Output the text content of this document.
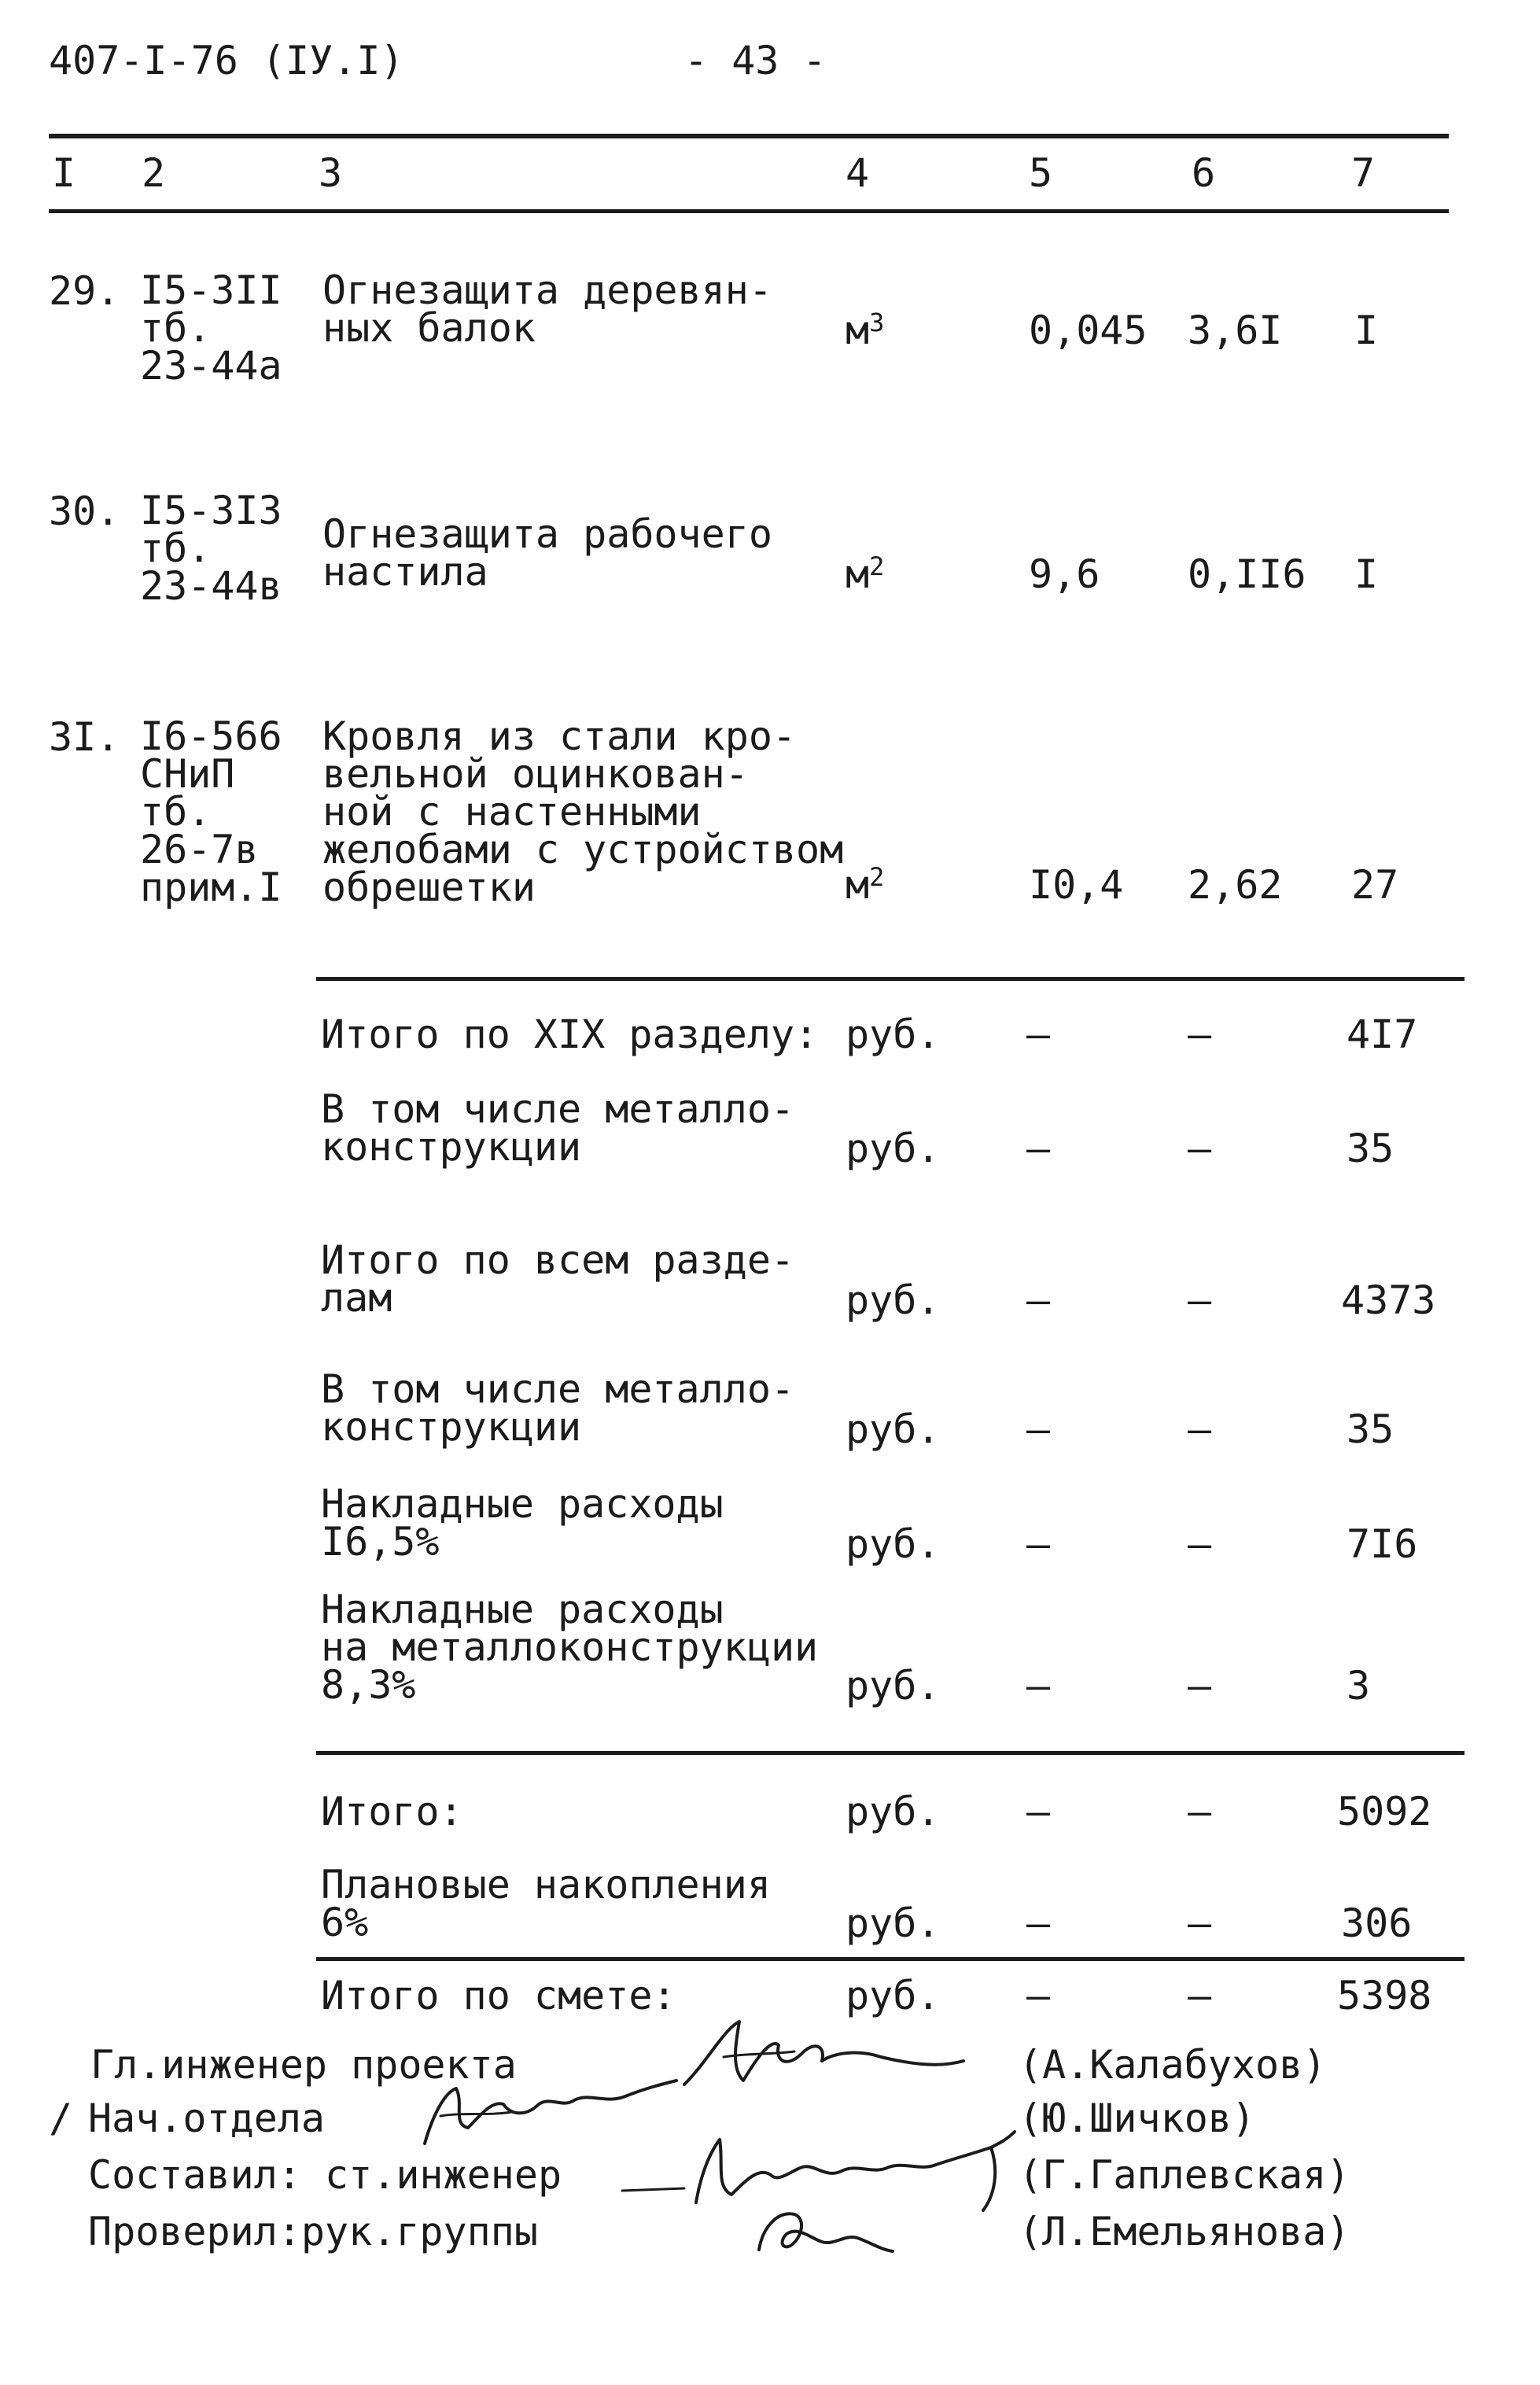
407-I-76 (IУ.I)	- 43 -
I 2	3	4	5	6	7
29. I5-3II
тб.
23-44а
Огнезащита деревян-
ных балок	$м^3$	0,045 3,6I I
30. I5-3I3
тб.
23-44в
Огнезащита рабочего
настила	$м^2$	9,6 0,II6 I
3I. I6-566
СНиП
тб.
26-7в
прим.I
Кровля из стали кро-
вельной оцинкован-
ной с настенными
желобами с устройством
обрешетки	$м^2$	I0,4 2,62 27
Итого по XIX разделу: руб. –	–	4I7
В том числе металло-
конструкции	руб. –	–	35
Итого по всем разде-
лам	руб. –	–	4373
В том числе металло-
конструкции	руб. –	–	35
Накладные расходы
I6,5%	руб. –	–	7I6
Накладные расходы
на металлоконструкции
8,3%	руб. –	–	3
Итого:	руб. –	–	5092
Плановые накопления
6%	руб. –	–	306
Итого по смете:	руб. –	–	5398
Гл.инженер проекта	(А.Калабухов)
/ Нач.отдела	(Ю.Шичков)
Составил: ст.инженер	(Г.Гаплевская)
Проверил:рук.группы	(Л.Емельянова)
